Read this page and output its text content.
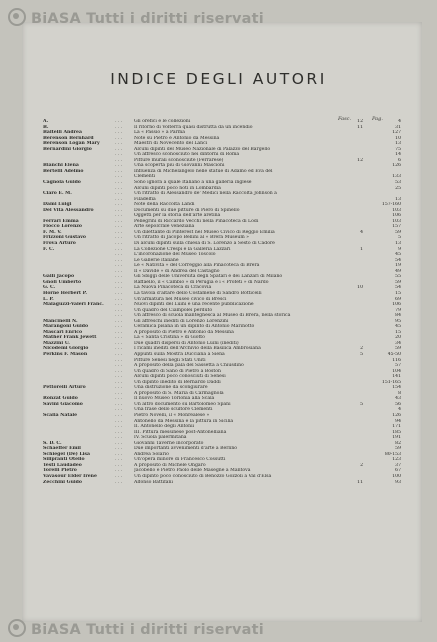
BiASA Tutti i diritti riservati
BiASA Tutti i diritti riservati
INDICE DEGLI AUTORI
Fasc.	Pag.
A.	. . .	Gli orefici e le collezioni	12	4
B.	. . .	Il ritorno di Volterra quasi distrutta da un incendio	11	31
Baltelli Andrea	. . .	La « Passio » a Parma	127
Berenson Bernhard	. . .	Note su Pietro e Antonio da Messina	10
Berenson Logan Mary	. . .	Maestri di Novecento del Lanci	13
Bernardini Giorgio	. . .	Alcuni dipinti del Museo Nazionale di Palazzo del Bargello	75
. . .	Un affresco sconosciuto nei dintorni di Roma	14
. . .	Pitture murali sconosciute (Ferrarese)	12	6
Bianchi Elena	. . .	Una scoperta più di Giovanni Mascioni	126
Bertelli Adelmo	. . .	Influenza di Michelangelo nelle statue di Adamo ed Eva del
. . .	Clementi	133
Cagnola Guido	. . .	Sono ignora a quale Italiano a una galleria inglese	53
. . .	Alcuni dipinti poco noti in Lombardia	25
Ciaro E. M.	. . .	Un ritratto di Alessandro de' Medici nella Raccolta Johnson a
. . .	Filadelfia	13
Dami Luigi	. . .	Note della Raccolta Landi	157-160
Del Vita Alessandro	. . .	Documenti su due pitture di Piero di Spinello	103
. . .	Oggetti per la storia dell'arte aretina	106
Ferrari Emma	. . .	Pellegrini di Riccardo Vecchi nella Pinacoteca di Lodi	103
Fiocco Lorenzo	. . .	Arte sepolcrale veneziana	157
F. M. V.	. . .	Un dilettante di Pinterest nel Museo Civico di Reggio Emilia	4	59
Frizzoni Gustavo	. . .	Un ritratto di Jacopo Bellini al « Brera Museum »	5
Frova Arturo	. . .	Di alcuni dipinti sulla chiesa di S. Lorenzo a Sesto di Cadore	13
F. C.	. . .	La Collezione Crespi e la Galleria Lazzari	1	9
. . .	L'incoronazione del Museo Toscolo	45
. . .	Le Gallerie italiane	54
. . .	Le « Natività » del Correggio alla Pinacoteca di Brera	19
. . .	Il « Davide » di Andrea del Castagno	49
Galli Jacopo	. . .	Gli Sbiggi delle Università degli Spatari e dei Lanzari di Milano	55
Gnoli Umberto	. . .	Raffaello, il « Cambio » di Perugia e i « Profeti » di Nardo	59
G. C.	. . .	La Nuova Pinacoteca di Cracovia	10	54
Horne Herbert P.	. . .	La tavola d'altare dello Costamene di Sandro Botticelli	15
L. P.	. . .	Un'armatura nel Museo civico di Bresci	69
Malaguzzi-Valeri Franc.	. . .	Nuovi dipinti del Luini e una recente pubblicazione	106
. . .	Un quadro del Ciampolei perduto	79
. . .	Un affresco di scuola mantegnesca al Museo di Brera, nella storica	84
Mancinelli N.	. . .	Gli affreschi inediti di Lorenzo Lorenzini	95
Marangoni Guido	. . .	Ceramica pisana in un dipinto di Antonio Marinotto	45
Mascari Enrico	. . .	A proposito di Pietro e Antonio da Messina	15
Mather Frank Jewett	. . .	La « Santa Cristina » di Giotto	20
Mazzini U.	. . .	Due quadri dispersi di Antonio Luini (inediti)	34
Nicodemi Giorgio	. . .	I ricami inediti dell'Archivio della Basilica Ambrosiana	2	59
Perkins F. Mason	. . .	Appunti sulla Mostra Ducciana a Siena	5	45-50
. . .	Pitture Senesi negli Stati Uniti	116
. . .	A proposito della pala del Sassetta a Chiusdino	57
. . .	Un quadro di Sano di Pietro a Boston	104
. . .	Alcuni dipinti poco conosciuti di Senesi	141
. . .	Un dipinto inedito di Bernardo Daddi	151-165
Pettorelli Arturo	. . .	Una distruzione da scongiurare	154
. . .	A proposito di S. Maria di Carmagnola	8
Ronzat Guido	. . .	Il nuovo Museo Torlonia alla Scala	43
Savini Giacomo	. . .	Un altro documento su Bartolomeo Spani	5	56
. . .	Una frase dello scultore Clementi	4
Scalia Natale	. . .	Pietro Novelli, il « Monrealese »	126
. . .	Antonello da Messina e la pittura in Sicilia	94
. . .	II. Antonello degli Antonii	171
. . .	III. Pittura messinese post-Antonelliana	185
. . .	IV. Scuola palermitana	191
S. D. C.	. . .	Giovanni Taverne incorporato	82
Schaeffer Emil	. . .	Due importanti avvenimenti d'arte a Berlino	59
Schiegel (De) Lisa	. . .	Andrea Solario	80-153
Silipranti Otello	. . .	Un'opera minore di Francesco Cossutti	123
Testi Laudadeo	. . .	A proposito di Michele Ongaro	2	37
Torelli Pietro	. . .	Jacobello e Pietro Paolo delle Masegne a Mantova	67
Vavasour Elder Irene	. . .	Un dipinto poco conosciuto di Benozzo Gozzoli a Val d'Elsa	100
Zecchini Guido	. . .	Alfonso Battifani	11	93
